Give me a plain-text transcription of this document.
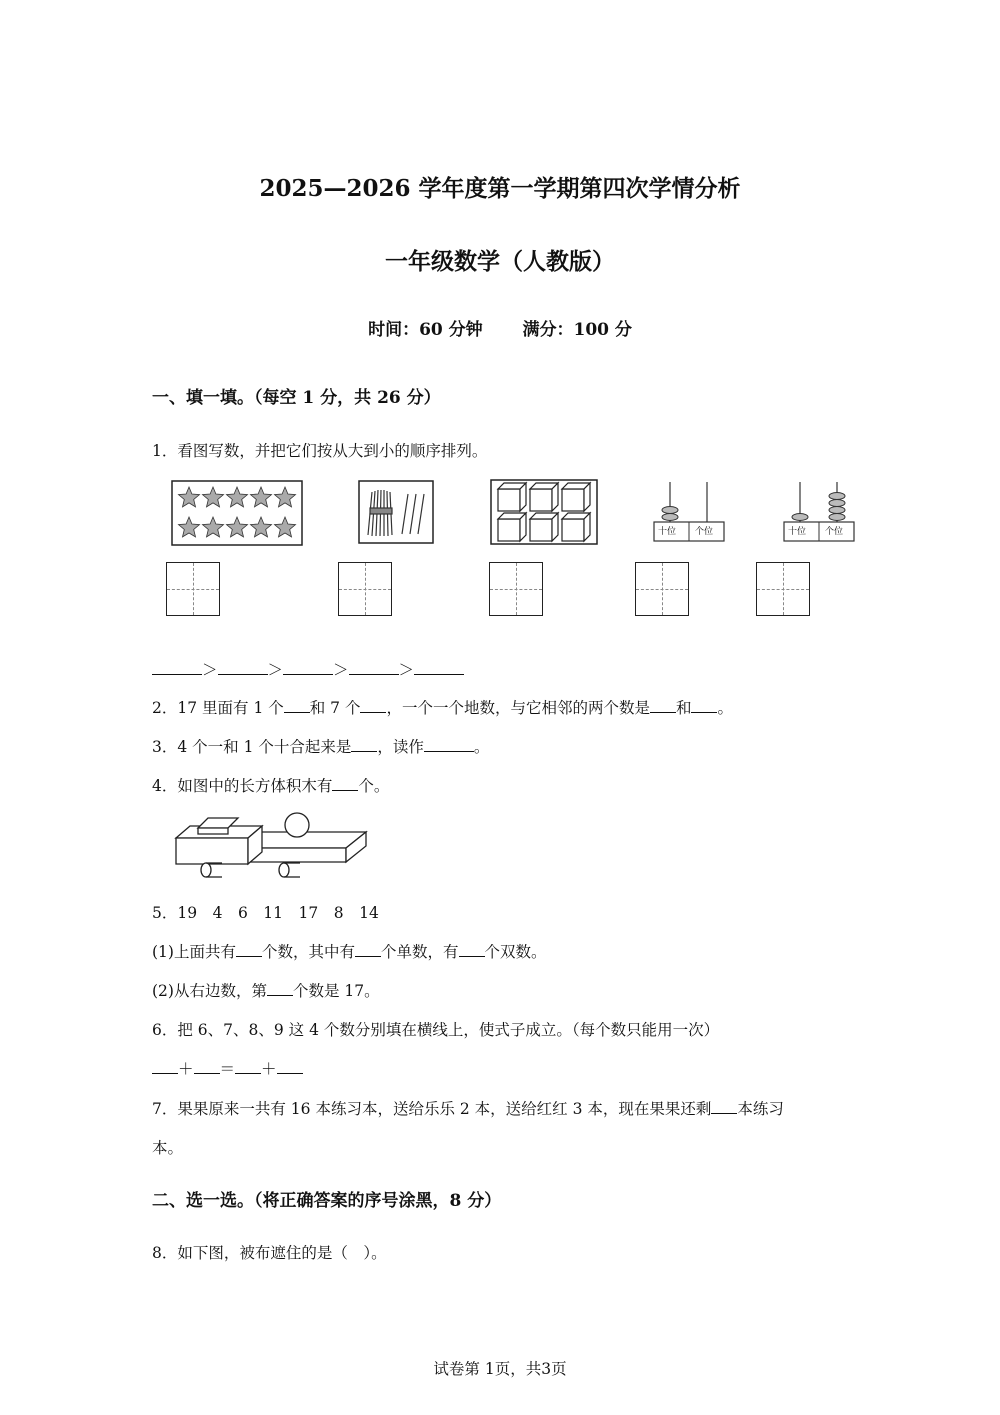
2025—2026 学年度第一学期第四次学情分析
一年级数学（人教版）
时间：60 分钟 满分：100 分
一、填一填。（每空 1 分，共 26 分）
1．看图写数，并把它们按从大到小的顺序排列。
十位 个位	十位 个位
＞	＞	＞	＞
2．17 里面有 1 个 和 7 个 ，一个一个地数，与它相邻的两个数是 和 。
3．4 个一和 1 个十合起来是 ，读作	。
4．如图中的长方体积木有 个。
5．19　4　6　11　17　8　14
(1)上面共有 个数，其中有 个单数，有 个双数。
(2)从右边数，第 个数是 17。
6．把 6、7、8、9 这 4 个数分别填在横线上，使式子成立。（每个数只能用一次）
＋ ＝ ＋
7．果果原来一共有 16 本练习本，送给乐乐 2 本，送给红红 3 本，现在果果还剩 本练习
本。
二、选一选。（将正确答案的序号涂黑，8 分）
8．如下图，被布遮住的是（　）。
试卷第 1页，共3页
